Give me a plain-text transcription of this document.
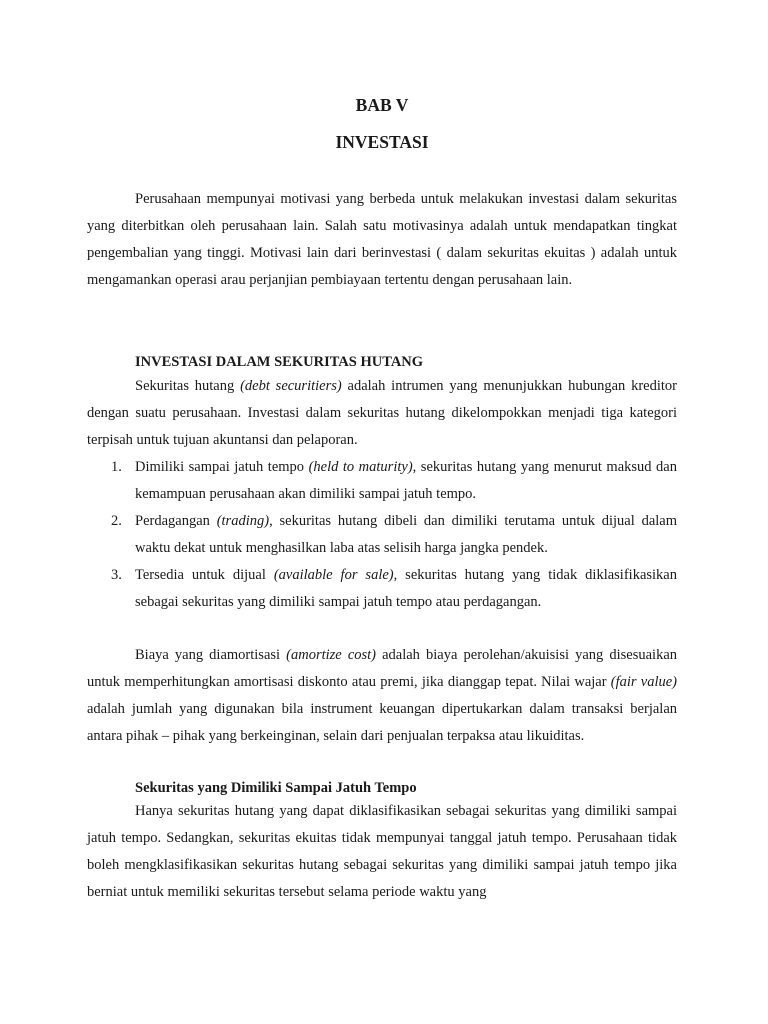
BAB V
INVESTASI

Perusahaan mempunyai motivasi yang berbeda untuk melakukan investasi dalam sekuritas yang diterbitkan oleh perusahaan lain. Salah satu motivasinya adalah untuk mendapatkan tingkat pengembalian yang tinggi. Motivasi lain dari berinvestasi ( dalam sekuritas ekuitas ) adalah untuk mengamankan operasi arau perjanjian pembiayaan tertentu dengan perusahaan lain.

INVESTASI DALAM SEKURITAS HUTANG

Sekuritas hutang (debt securitiers) adalah intrumen yang menunjukkan hubungan kreditor dengan suatu perusahaan. Investasi dalam sekuritas hutang dikelompokkan menjadi tiga kategori terpisah untuk tujuan akuntansi dan pelaporan.

1. Dimiliki sampai jatuh tempo (held to maturity), sekuritas hutang yang menurut maksud dan kemampuan perusahaan akan dimiliki sampai jatuh tempo.
2. Perdagangan (trading), sekuritas hutang dibeli dan dimiliki terutama untuk dijual dalam waktu dekat untuk menghasilkan laba atas selisih harga jangka pendek.
3. Tersedia untuk dijual (available for sale), sekuritas hutang yang tidak diklasifikasikan sebagai sekuritas yang dimiliki sampai jatuh tempo atau perdagangan.

Biaya yang diamortisasi (amortize cost) adalah biaya perolehan/akuisisi yang disesuaikan untuk memperhitungkan amortisasi diskonto atau premi, jika dianggap tepat. Nilai wajar (fair value) adalah jumlah yang digunakan bila instrument keuangan dipertukarkan dalam transaksi berjalan antara pihak – pihak yang berkeinginan, selain dari penjualan terpaksa atau likuiditas.

Sekuritas yang Dimiliki Sampai Jatuh Tempo

Hanya sekuritas hutang yang dapat diklasifikasikan sebagai sekuritas yang dimiliki sampai jatuh tempo. Sedangkan, sekuritas ekuitas tidak mempunyai tanggal jatuh tempo. Perusahaan tidak boleh mengklasifikasikan sekuritas hutang sebagai sekuritas yang dimiliki sampai jatuh tempo jika berniat untuk memiliki sekuritas tersebut selama periode waktu yang
